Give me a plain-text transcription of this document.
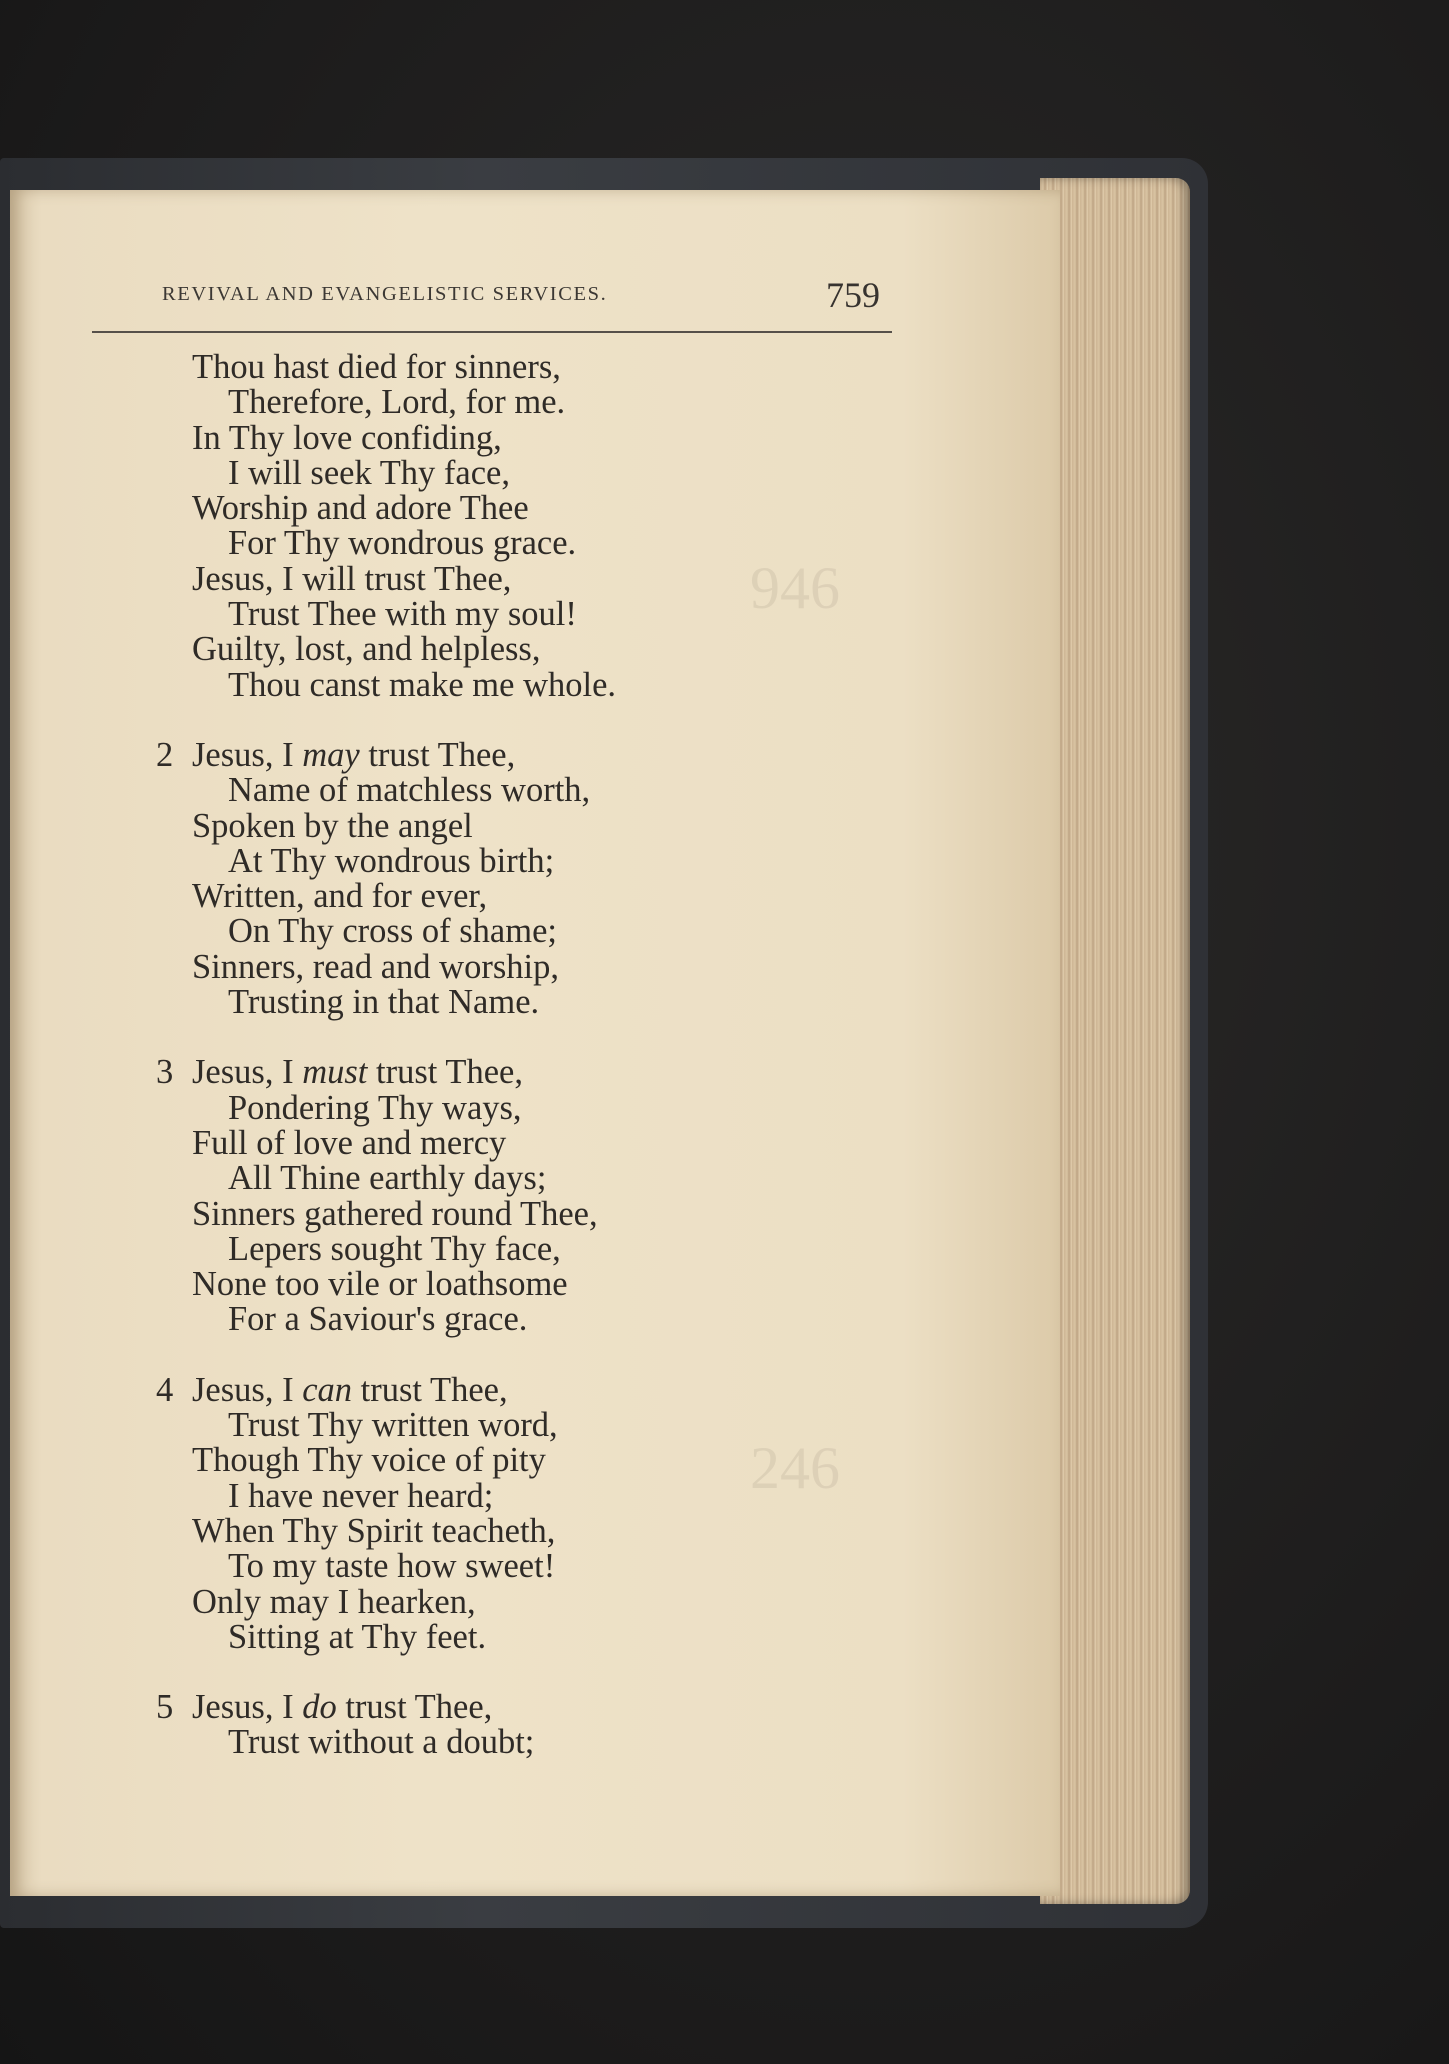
946
246
REVIVAL AND EVANGELISTIC SERVICES.	759
Thou hast died for sinners,
Therefore, Lord, for me.
In Thy love confiding,
I will seek Thy face,
Worship and adore Thee
For Thy wondrous grace.
Jesus, I will trust Thee,
Trust Thee with my soul!
Guilty, lost, and helpless,
Thou canst make me whole.
2 Jesus, I may trust Thee,
Name of matchless worth,
Spoken by the angel
At Thy wondrous birth;
Written, and for ever,
On Thy cross of shame;
Sinners, read and worship,
Trusting in that Name.
3 Jesus, I must trust Thee,
Pondering Thy ways,
Full of love and mercy
All Thine earthly days;
Sinners gathered round Thee,
Lepers sought Thy face,
None too vile or loathsome
For a Saviour's grace.
4 Jesus, I can trust Thee,
Trust Thy written word,
Though Thy voice of pity
I have never heard;
When Thy Spirit teacheth,
To my taste how sweet!
Only may I hearken,
Sitting at Thy feet.
5 Jesus, I do trust Thee,
Trust without a doubt;
